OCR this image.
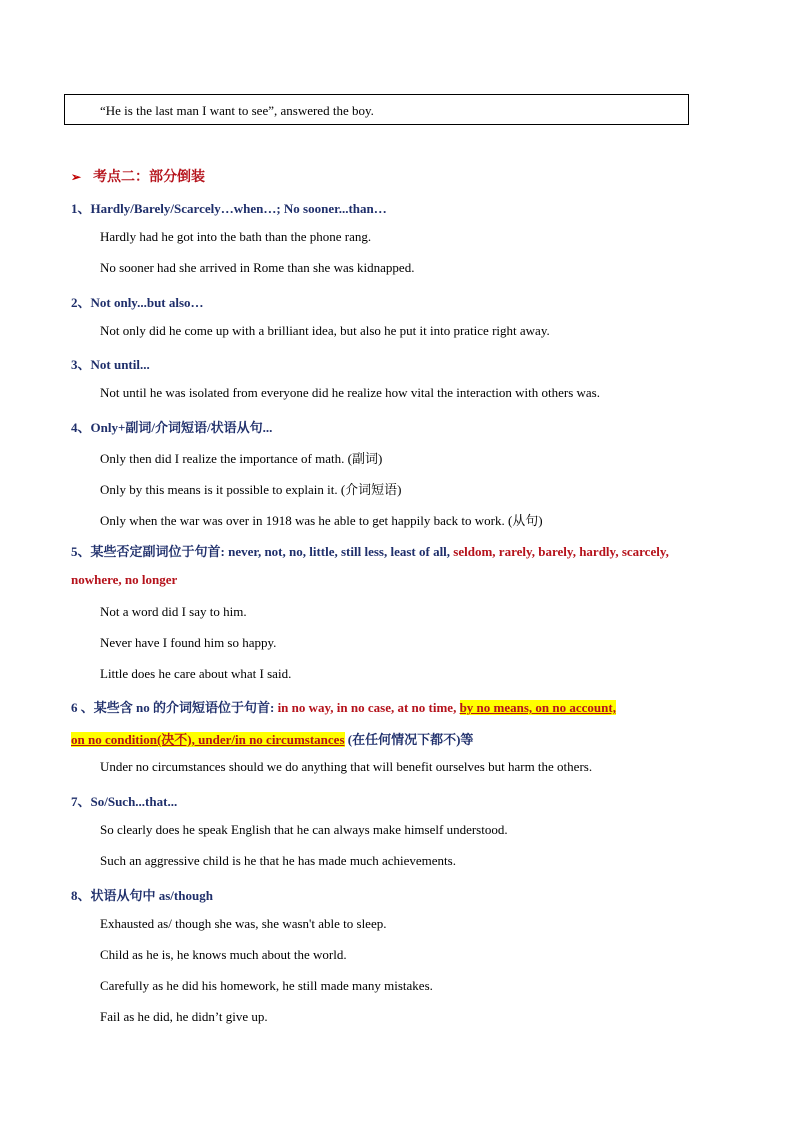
“He is the last man I want to see”, answered the boy.
➢ 考点二：部分倒装
1、Hardly/Barely/Scarcely…when…; No sooner...than…
Hardly had he got into the bath than the phone rang.
No sooner had she arrived in Rome than she was kidnapped.
2、Not only...but also…
Not only did he come up with a brilliant idea, but also he put it into pratice right away.
3、Not until...
Not until he was isolated from everyone did he realize how vital the interaction with others was.
4、Only+副词/介词短语/状语从句...
Only then did I realize the importance of math. (副词)
Only by this means is it possible to explain it. (介词短语)
Only when the war was over in 1918 was he able to get happily back to work. (从句)
5、某些否定副词位于句首: never, not, no, little, still less, least of all, seldom, rarely, barely, hardly, scarcely,
nowhere, no longer
Not a word did I say to him.
Never have I found him so happy.
Little does he care about what I said.
6 、某些含 no 的介词短语位于句首: in no way, in no case, at no time, by no means, on no account,
on no condition(决不), under/in no circumstances (在任何情况下都不)等
Under no circumstances should we do anything that will benefit ourselves but harm the others.
7、So/Such...that...
So clearly does he speak English that he can always make himself understood.
Such an aggressive child is he that he has made much achievements.
8、状语从句中 as/though
Exhausted as/ though she was, she wasn't able to sleep.
Child as he is, he knows much about the world.
Carefully as he did his homework, he still made many mistakes.
Fail as he did, he didn’t give up.
